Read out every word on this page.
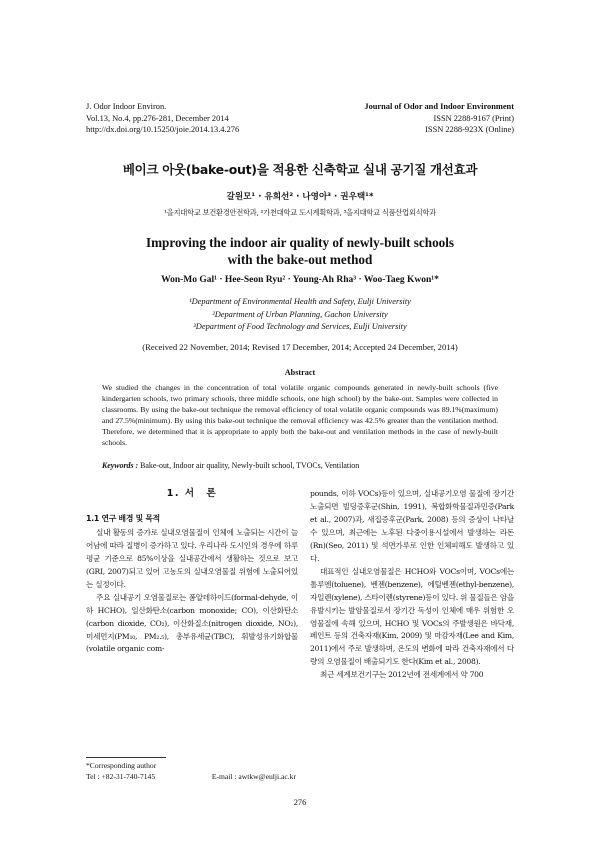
J. Odor Indoor Environ.
Vol.13, No.4, pp.276-281, December 2014
http://dx.doi.org/10.15250/joie.2014.13.4.276
Journal of Odor and Indoor Environment
ISSN 2288-9167 (Print)
ISSN 2288-923X (Online)
베이크 아웃(bake-out)을 적용한 신축학교 실내 공기질 개선효과
갈원모¹ · 유희선² · 나영아³ · 권우택¹*
¹을지대학교 보건환경안전학과, ²가천대학교 도시계획학과, ³을지대학교 식품산업외식학과
Improving the indoor air quality of newly-built schools
with the bake-out method
Won-Mo Gal¹ · Hee-Seon Ryu² · Young-Ah Rha³ · Woo-Taeg Kwon¹*
¹Department of Environmental Health and Safety, Eulji University
²Department of Urban Planning, Gachon University
³Department of Food Technology and Services, Eulji University
(Received 22 November, 2014; Revised 17 December, 2014; Accepted 24 December, 2014)
Abstract
We studied the changes in the concentration of total volatile organic compounds generated in newly-built schools (five kindergarten schools, two primary schools, three middle schools, one high school) by the bake-out. Samples were collected in classrooms. By using the bake-out technique the removal efficiency of total volatile organic compounds was 89.1%(maximum) and 27.5%(minimum). By using this bake-out technique the removal efficiency was 42.5% greater than the ventilation method. Therefore, we determined that it is appropriate to apply both the bake-out and ventilation methods in the case of newly-built schools.
Keywords : Bake-out, Indoor air quality, Newly-built school, TVOCs, Ventilation
1. 서　론
1.1 연구 배경 및 목적

실내 활동의 증가로 실내오염물질이 인체에 노출되는 시간이 늘어남에 따라 질병이 증가하고 있다. 우리나라 도시인의 경우에 하루 평균 기준으로 85%이상을 실내공간에서 생활하는 것으로 보고(GRI, 2007)되고 있어 고농도의 실내오염물질 위험에 노출되어있는 실정이다.

주요 실내공기 오염물질로는 폼알데하이드(formal-dehyde, 이하 HCHO), 일산화탄소(carbon monoxide; CO), 이산화탄소(carbon dioxide, CO₂), 이산화질소(nitrogen dioxide, NO₂), 미세먼지(PM₁₀, PM₂.₅), 총부유세균(TBC), 휘발성유기화합물(volatile organic com-

pounds, 이하 VOCs)등이 있으며, 실내공기오염 물질에 장기간 노출되면 빌딩증후군(Shin, 1991), 복합화학물질과민증(Park et al., 2007)과, 새집증후군(Park, 2008) 등의 증상이 나타날 수 있으며, 최근에는 노후된 다중이용시설에서 발생하는 라돈(Rn)(Seo, 2011) 및 석면가루로 인한 인체피해도 발생하고 있다.

대표적인 실내오염물질은 HCHO와 VOCs이며, VOCs에는 톨루엔(toluene), 벤젠(benzene), 에틸벤젠(ethyl-benzene), 자일렌(xylene), 스타이렌(styrene)등이 있다. 위 물질들은 암을 유발시키는 발암물질로서 장기간 독성이 인체에 매우 위험한 오염물질에 속해 있으며, HCHO 및 VOCs의 주발생원은 바닥재, 페인트 등의 건축자재(Kim, 2009) 및 마감자재(Lee and Kim, 2011)에서 주로 발생하며, 온도의 변화에 따라 건축자재에서 다량의 오염물질이 배출되기도 한다(Kim et al., 2008).

최근 세계보건기구는 2012년에 전세계에서 약 700

*Corresponding author
Tel : +82-31-740-7145	E-mail : awtkw@eulji.ac.kr
276
